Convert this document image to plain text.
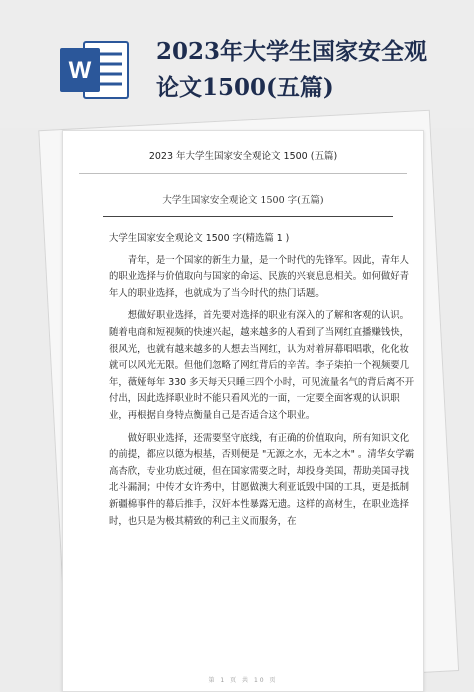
W
2023年大学生国家安全观
论文1500(五篇)

2023 年大学生国家安全观论文 1500 (五篇)

大学生国家安全观论文 1500 字(五篇)

大学生国家安全观论文 1500 字(精选篇 1 )

青年，是一个国家的新生力量，是一个时代的先锋军。因此，青年人的职业选择与价值取向与国家的命运、民族的兴衰息息相关。如何做好青年人的职业选择，也就成为了当今时代的热门话题。

想做好职业选择，首先要对选择的职业有深入的了解和客观的认识。随着电商和短视频的快速兴起，越来越多的人看到了当网红直播赚钱快，很风光，也就有越来越多的人想去当网红，认为对着屏幕唱唱歌，化化妆就可以风光无限。但他们忽略了网红背后的辛苦。李子柒拍一个视频要几年，薇娅每年 330 多天每天只睡三四个小时，可见流量名气的背后离不开付出，因此选择职业时不能只看风光的一面，一定要全面客观的认识职业，再根据自身特点衡量自己是否适合这个职业。

做好职业选择，还需要坚守底线，有正确的价值取向，所有知识文化的前提，都应以德为根基，否则便是 "无源之水，无本之木" 。清华女学霸高杏欣，专业功底过硬，但在国家需要之时，却投身美国，帮助美国寻找北斗漏洞；中传才女许秀中，甘愿做澳大利亚诋毁中国的工具，更是抵制新疆棉事件的幕后推手，汉奸本性暴露无遗。这样的高材生，在职业选择时，也只是为极其精致的利己主义而服务，在

第 1 页 共 10 页
